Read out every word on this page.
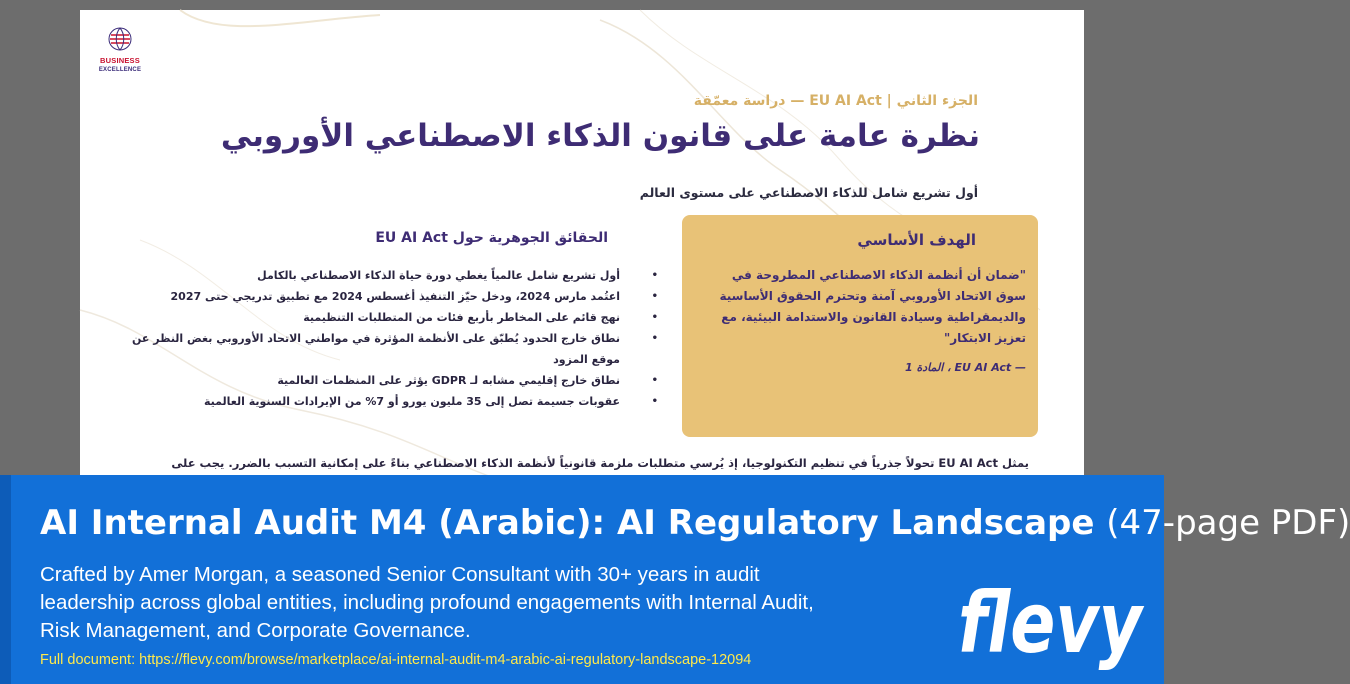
BUSINESS
EXCELLENCE
الجزء الثاني | EU AI Act — دراسة معمّقة
نظرة عامة على قانون الذكاء الاصطناعي الأوروبي
أول تشريع شامل للذكاء الاصطناعي على مستوى العالم
الهدف الأساسي
"ضمان أن أنظمة الذكاء الاصطناعي المطروحة في سوق الاتحاد الأوروبي آمنة وتحترم الحقوق الأساسية والديمقراطية وسيادة القانون والاستدامة البيئية، مع تعزيز الابتكار"
— EU AI Act ، المادة 1
الحقائق الجوهرية حول EU AI Act
•
أول تشريع شامل عالمياً يغطي دورة حياة الذكاء الاصطناعي بالكامل
•
اعتُمد مارس 2024، ودخل حيّز التنفيذ أغسطس 2024 مع تطبيق تدريجي حتى 2027
•
نهج قائم على المخاطر بأربع فئات من المتطلبات التنظيمية
•
نطاق خارج الحدود يُطبّق على الأنظمة المؤثرة في مواطني الاتحاد الأوروبي بغض النظر عن موقع المزود
•
نطاق خارج إقليمي مشابه لـ GDPR يؤثر على المنظمات العالمية
•
عقوبات جسيمة تصل إلى 35 مليون يورو أو 7% من الإيرادات السنوية العالمية
يمثل EU AI Act تحولاً جذرياً في تنظيم التكنولوجيا، إذ يُرسي متطلبات ملزمة قانونياً لأنظمة الذكاء الاصطناعي بناءً على إمكانية التسبب بالضرر. يجب على
AI Internal Audit M4 (Arabic): AI Regulatory Landscape (47-page PDF)
Crafted by Amer Morgan, a seasoned Senior Consultant with 30+ years in audit leadership across global entities, including profound engagements with Internal Audit, Risk Management, and Corporate Governance.
Full document: https://flevy.com/browse/marketplace/ai-internal-audit-m4-arabic-ai-regulatory-landscape-12094 flevy
